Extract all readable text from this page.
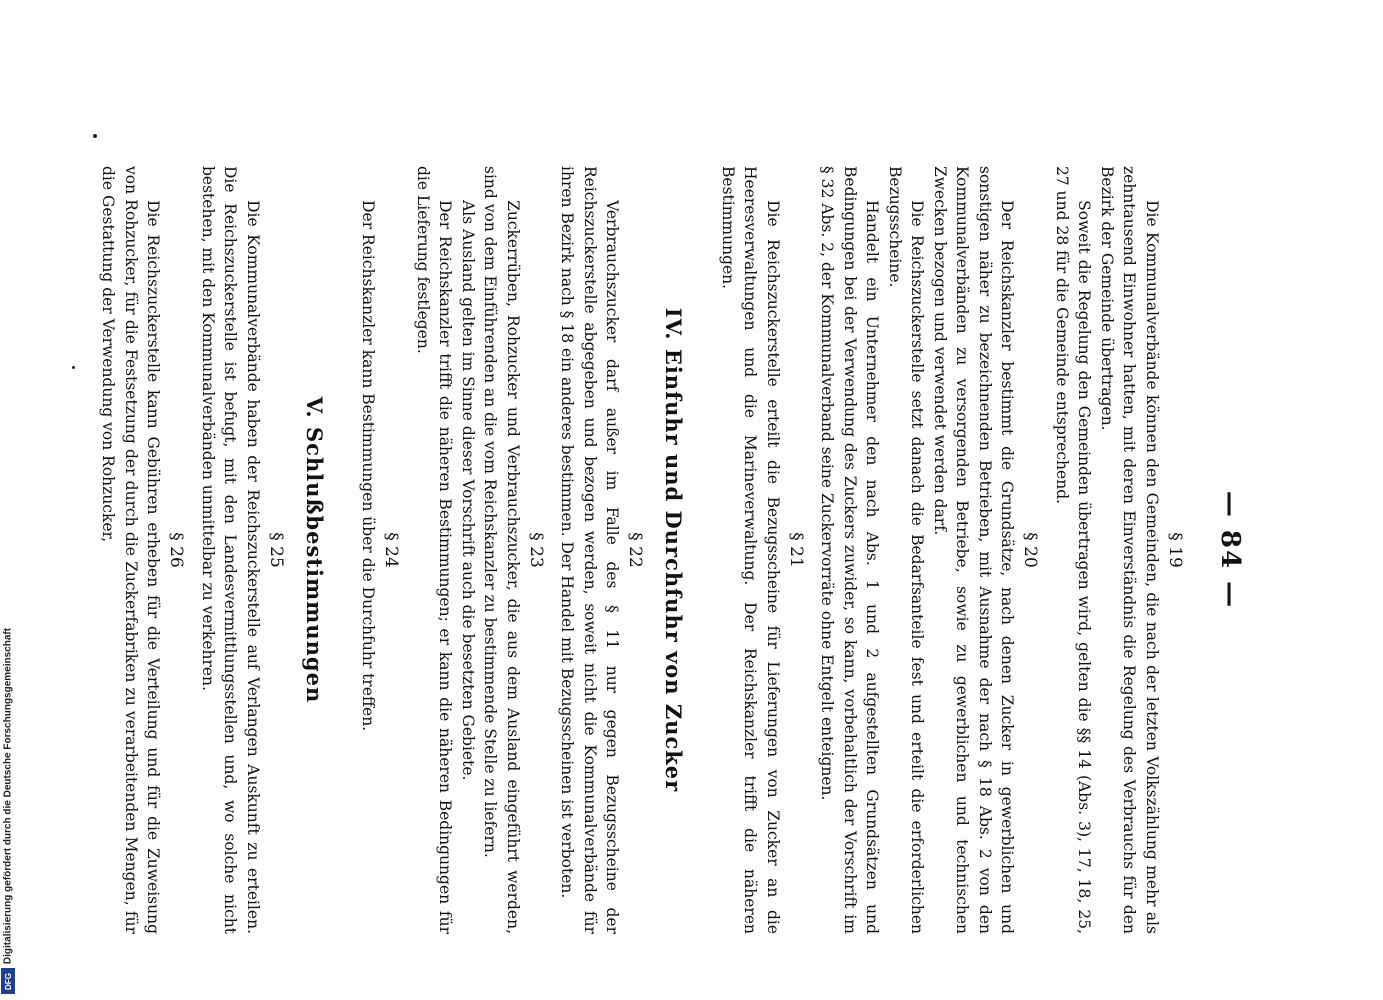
— 84 —
§ 19
Die Kommunalverbände können den Gemeinden, die nach der letzten Volkszählung mehr als zehntausend Einwohner hatten, mit deren Einverständnis die Regelung des Verbrauchs für den Bezirk der Gemeinde übertragen.
Soweit die Regelung den Gemeinden übertragen wird, gelten die §§ 14 (Abs. 3), 17, 18, 25, 27 und 28 für die Gemeinde entsprechend.
§ 20
Der Reichskanzler bestimmt die Grundsätze, nach denen Zucker in gewerblichen und sonstigen näher zu bezeichnenden Betrieben, mit Ausnahme der nach § 18 Abs. 2 von den Kommunalverbänden zu versorgenden Betriebe, sowie zu gewerblichen und technischen Zwecken bezogen und verwendet werden darf.
Die Reichszuckerstelle setzt danach die Bedarfsanteile fest und erteilt die erforderlichen Bezugsscheine.
Handelt ein Unternehmer den nach Abs. 1 und 2 aufgestellten Grundsätzen und Bedingungen bei der Verwendung des Zuckers zuwider, so kann, vorbehaltlich der Vorschrift im § 32 Abs. 2, der Kommunalverband seine Zuckervorräte ohne Entgelt enteignen.
§ 21
Die Reichszuckerstelle erteilt die Bezugsscheine für Lieferungen von Zucker an die Heeresverwaltungen und die Marineverwaltung. Der Reichskanzler trifft die näheren Bestimmungen.
IV. Einfuhr und Durchfuhr von Zucker
§ 22
Verbrauchszucker darf außer im Falle des § 11 nur gegen Bezugsscheine der Reichszuckerstelle abgegeben und bezogen werden, soweit nicht die Kommunalverbände für ihren Bezirk nach § 18 ein anderes bestimmen. Der Handel mit Bezugsscheinen ist verboten.
§ 23
Zuckerrüben, Rohzucker und Verbrauchszucker, die aus dem Ausland eingeführt werden, sind von dem Einführenden an die vom Reichskanzler zu bestimmende Stelle zu liefern.
Als Ausland gelten im Sinne dieser Vorschrift auch die besetzten Gebiete.
Der Reichskanzler trifft die näheren Bestimmungen; er kann die näheren Bedingungen für die Lieferung festlegen.
§ 24
Der Reichskanzler kann Bestimmungen über die Durchfuhr treffen.
V. Schlußbestimmungen
§ 25
Die Kommunalverbände haben der Reichszuckerstelle auf Verlangen Auskunft zu erteilen. Die Reichszuckerstelle ist befugt, mit den Landesvermittlungsstellen und, wo solche nicht bestehen, mit den Kommunalverbänden unmittelbar zu verkehren.
§ 26
Die Reichszuckerstelle kann Gebühren erheben für die Verteilung und für die Zuweisung von Rohzucker, für die Festsetzung der durch die Zuckerfabriken zu verarbeitenden Mengen, für die Gestattung der Verwendung von Rohzucker,
Digitalisierung gefördert durch die Deutsche Forschungsgemeinschaft
DFG
